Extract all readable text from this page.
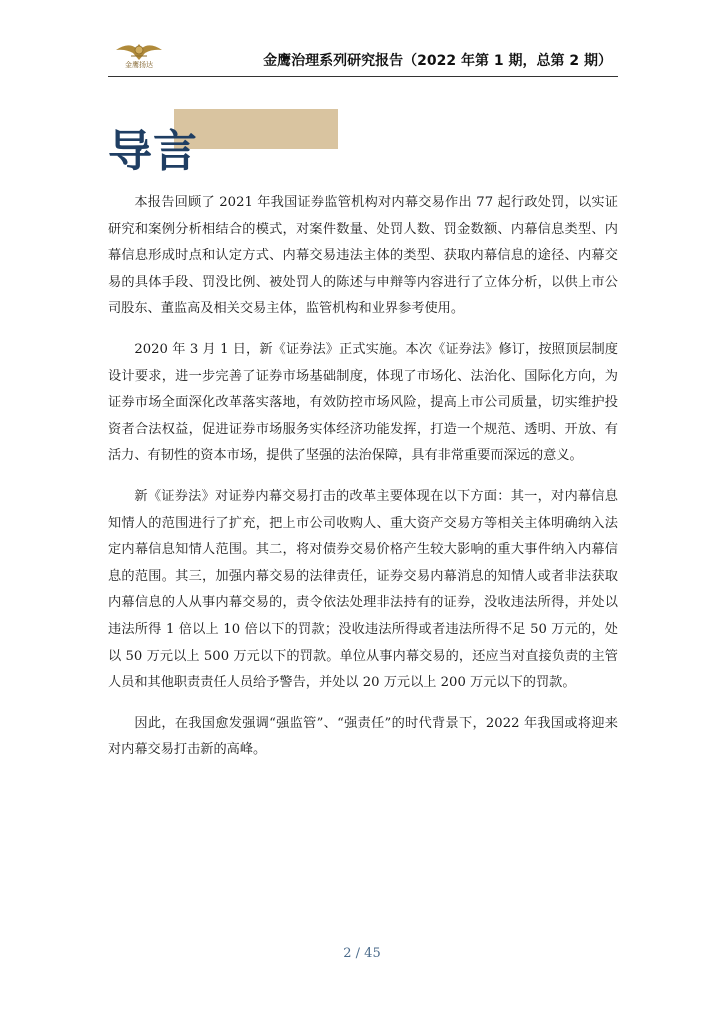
金鹰扬达	金鹰治理系列研究报告（2022 年第 1 期，总第 2 期）
导言

本报告回顾了 2021 年我国证券监管机构对内幕交易作出 77 起行政处罚，以实证研究和案例分析相结合的模式，对案件数量、处罚人数、罚金数额、内幕信息类型、内幕信息形成时点和认定方式、内幕交易违法主体的类型、获取内幕信息的途径、内幕交易的具体手段、罚没比例、被处罚人的陈述与申辩等内容进行了立体分析，以供上市公司股东、董监高及相关交易主体，监管机构和业界参考使用。

2020 年 3 月 1 日，新《证券法》正式实施。本次《证券法》修订，按照顶层制度设计要求，进一步完善了证券市场基础制度，体现了市场化、法治化、国际化方向，为证券市场全面深化改革落实落地，有效防控市场风险，提高上市公司质量，切实维护投资者合法权益，促进证券市场服务实体经济功能发挥，打造一个规范、透明、开放、有活力、有韧性的资本市场，提供了坚强的法治保障，具有非常重要而深远的意义。

新《证券法》对证券内幕交易打击的改革主要体现在以下方面：其一，对内幕信息知情人的范围进行了扩充，把上市公司收购人、重大资产交易方等相关主体明确纳入法定内幕信息知情人范围。其二，将对债券交易价格产生较大影响的重大事件纳入内幕信息的范围。其三，加强内幕交易的法律责任，证券交易内幕消息的知情人或者非法获取内幕信息的人从事内幕交易的，责令依法处理非法持有的证券，没收违法所得，并处以违法所得 1 倍以上 10 倍以下的罚款；没收违法所得或者违法所得不足 50 万元的，处以 50 万元以上 500 万元以下的罚款。单位从事内幕交易的，还应当对直接负责的主管人员和其他职责责任人员给予警告，并处以 20 万元以上 200 万元以下的罚款。

因此，在我国愈发强调“强监管”、“强责任”的时代背景下，2022 年我国或将迎来对内幕交易打击新的高峰。

2 / 45
